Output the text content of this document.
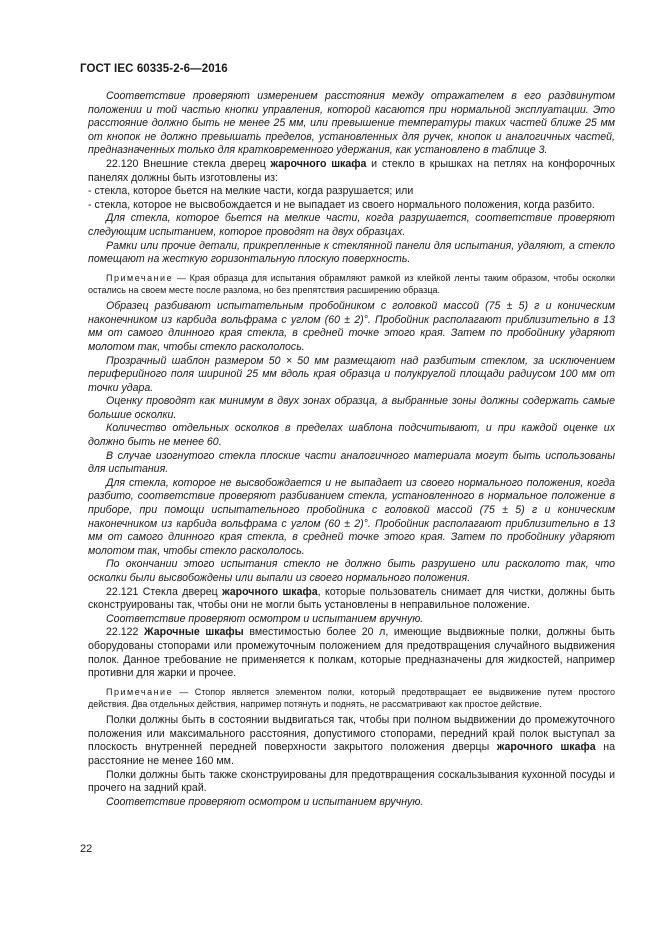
ГОСТ IEC 60335-2-6—2016

Соответствие проверяют измерением расстояния между отражателем в его раздвинутом положении и той частью кнопки управления, которой касаются при нормальной эксплуатации. Это расстояние должно быть не менее 25 мм, или превышение температуры таких частей ближе 25 мм от кнопок не должно превышать пределов, установленных для ручек, кнопок и аналогичных частей, предназначенных только для кратковременного удержания, как установлено в таблице 3.

22.120 Внешние стекла дверец жарочного шкафа и стекло в крышках на петлях на конфорочных панелях должны быть изготовлены из:

- стекла, которое бьется на мелкие части, когда разрушается; или

- стекла, которое не высвобождается и не выпадает из своего нормального положения, когда разбито.

Для стекла, которое бьется на мелкие части, когда разрушается, соответствие проверяют следующим испытанием, которое проводят на двух образцах.

Рамки или прочие детали, прикрепленные к стеклянной панели для испытания, удаляют, а стекло помещают на жесткую горизонтальную плоскую поверхность.

Примечание — Края образца для испытания обрамляют рамкой из клейкой ленты таким образом, чтобы осколки остались на своем месте после разлома, но без препятствия расширению образца.

Образец разбивают испытательным пробойником с головкой массой (75 ± 5) г и коническим наконечником из карбида вольфрама с углом (60 ± 2)°. Пробойник располагают приблизительно в 13 мм от самого длинного края стекла, в средней точке этого края. Затем по пробойнику ударяют молотом так, чтобы стекло раскололось.

Прозрачный шаблон размером 50 × 50 мм размещают над разбитым стеклом, за исключением периферийного поля шириной 25 мм вдоль края образца и полукруглой площади радиусом 100 мм от точки удара.

Оценку проводят как минимум в двух зонах образца, а выбранные зоны должны содержать самые большие осколки.

Количество отдельных осколков в пределах шаблона подсчитывают, и при каждой оценке их должно быть не менее 60.

В случае изогнутого стекла плоские части аналогичного материала могут быть использованы для испытания.

Для стекла, которое не высвобождается и не выпадает из своего нормального положения, когда разбито, соответствие проверяют разбиванием стекла, установленного в нормальное положение в приборе, при помощи испытательного пробойника с головкой массой (75 ± 5) г и коническим наконечником из карбида вольфрама с углом (60 ± 2)°. Пробойник располагают приблизительно в 13 мм от самого длинного края стекла, в средней точке этого края. Затем по пробойнику ударяют молотом так, чтобы стекло раскололось.

По окончании этого испытания стекло не должно быть разрушено или расколото так, что осколки были высвобождены или выпали из своего нормального положения.

22.121 Стекла дверец жарочного шкафа, которые пользователь снимает для чистки, должны быть сконструированы так, чтобы они не могли быть установлены в неправильное положение.

Соответствие проверяют осмотром и испытанием вручную.

22.122 Жарочные шкафы вместимостью более 20 л, имеющие выдвижные полки, должны быть оборудованы стопорами или промежуточным положением для предотвращения случайного выдвижения полок. Данное требование не применяется к полкам, которые предназначены для жидкостей, например противни для жарки и прочее.

Примечание — Стопор является элементом полки, который предотвращает ее выдвижение путем простого действия. Два отдельных действия, например потянуть и поднять, не рассматривают как простое действие.

Полки должны быть в состоянии выдвигаться так, чтобы при полном выдвижении до промежуточного положения или максимального расстояния, допустимого стопорами, передний край полок выступал за плоскость внутренней передней поверхности закрытого положения дверцы жарочного шкафа на расстояние не менее 160 мм.

Полки должны быть также сконструированы для предотвращения соскальзывания кухонной посуды и прочего на задний край.

Соответствие проверяют осмотром и испытанием вручную.

22
